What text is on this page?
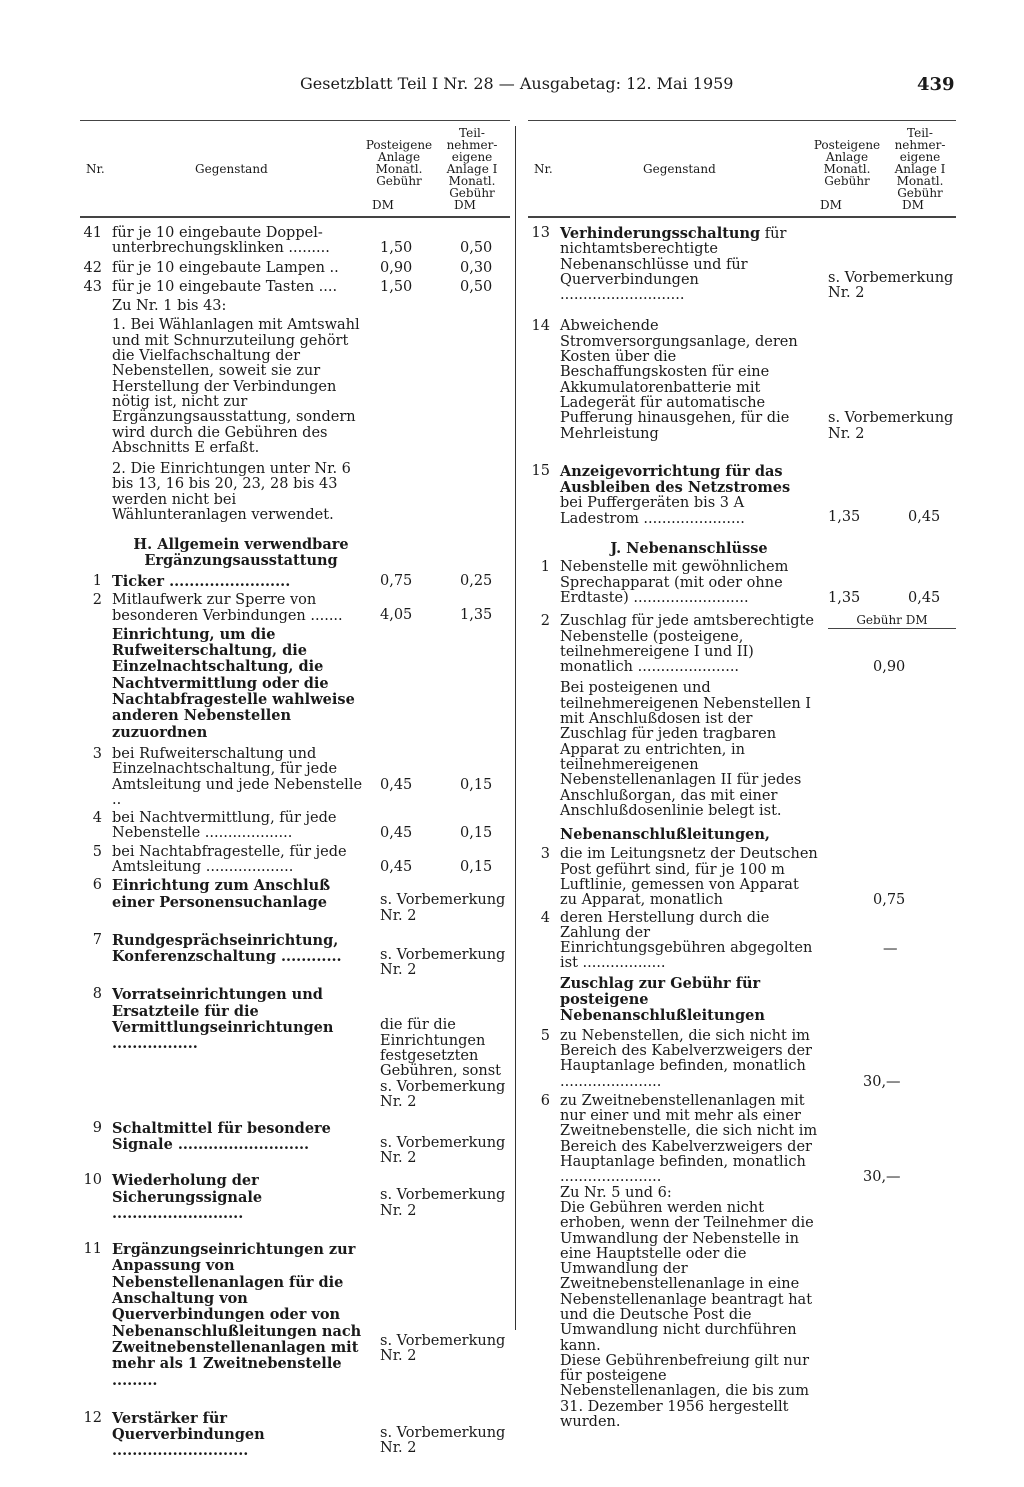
Gesetzblatt Teil I Nr. 28 — Ausgabetag: 12. Mai 1959	439
Nr.	Gegenstand
Posteigene Anlage Monatl. Gebühr
Teil- nehmer- eigene Anlage I Monatl. Gebühr
DM	DM
41 für je 10 eingebaute Doppel-
unterbrechungsklinken .........	1,50	0,50
42 für je 10 eingebaute Lampen ..	0,90	0,30
43 für je 10 eingebaute Tasten ....	1,50	0,50
Zu Nr. 1 bis 43:
1. Bei Wählanlagen mit Amtswahl und mit Schnurzuteilung gehört die Vielfachschaltung der Nebenstellen, soweit sie zur Herstellung der Verbindungen nötig ist, nicht zur Ergänzungsausstattung, sondern wird durch die Gebühren des Abschnitts E erfaßt.
2. Die Einrichtungen unter Nr. 6 bis 13, 16 bis 20, 23, 28 bis 43 werden nicht bei Wählunteranlagen verwendet.
H. Allgemein verwendbare Ergänzungsausstattung
1 Ticker ........................	0,75	0,25
2 Mitlaufwerk zur Sperre von besonderen Verbindungen .......	4,05	1,35
Einrichtung, um die Rufweiterschaltung, die Einzelnachtschaltung, die Nachtvermittlung oder die Nachtabfragestelle wahlweise anderen Nebenstellen zuzuordnen
3 bei Rufweiterschaltung und Einzelnachtschaltung, für jede Amtsleitung und jede Nebenstelle ..
0,45	0,15
4 bei Nachtvermittlung, für jede Nebenstelle ...................	0,45	0,15
5 bei Nachtabfragestelle, für jede Amtsleitung ...................	0,45	0,15
6 Einrichtung zum Anschluß einer Personensuchanlage	s. Vorbemerkung Nr. 2
7 Rundgesprächseinrichtung, Konferenzschaltung ............	s. Vorbemerkung Nr. 2
8 Vorratseinrichtungen und Ersatzteile für die Vermittlungseinrichtungen .................
die für die Einrichtungen festgesetzten Gebühren, sonst s. Vorbemerkung Nr. 2
9 Schaltmittel für besondere Signale ..........................	s. Vorbemerkung Nr. 2
10 Wiederholung der Sicherungssignale ..........................
s. Vorbemerkung Nr. 2
11 Ergänzungseinrichtungen zur Anpassung von Nebenstellenanlagen für die Anschaltung von Querverbindungen oder von Nebenanschlußleitungen nach Zweitnebenstellenanlagen mit mehr als 1 Zweitnebenstelle .........
s. Vorbemerkung Nr. 2
12 Verstärker für Querverbindungen ...........................
s. Vorbemerkung Nr. 2
Nr.	Gegenstand
Posteigene Anlage Monatl. Gebühr
Teil- nehmer- eigene Anlage I Monatl. Gebühr
DM	DM
13 Verhinderungsschaltung für nichtamtsberechtigte Nebenanschlüsse und für Querverbindungen ...........................
s. Vorbemerkung Nr. 2
14 Abweichende Stromversorgungsanlage, deren Kosten über die Beschaffungskosten für eine Akkumulatorenbatterie mit Ladegerät für automatische Pufferung hinausgehen, für die Mehrleistung
s. Vorbemerkung Nr. 2
15 Anzeigevorrichtung für das Ausbleiben des Netzstromes
bei Puffergeräten bis 3 A Ladestrom ......................	1,35	0,45
J. Nebenanschlüsse
1 Nebenstelle mit gewöhnlichem Sprechapparat (mit oder ohne Erdtaste) .........................	1,35	0,45
2 Zuschlag für jede amtsberechtigte Nebenstelle (posteigene, teilnehmereigene I und II) monatlich ......................
Gebühr DM
0,90
Bei posteigenen und teilnehmereigenen Nebenstellen I mit Anschlußdosen ist der Zuschlag für jeden tragbaren Apparat zu entrichten, in teilnehmereigenen Nebenstellenanlagen II für jedes Anschlußorgan, das mit einer Anschlußdosenlinie belegt ist.
Nebenanschlußleitungen,
3 die im Leitungsnetz der Deutschen Post geführt sind, für je 100 m Luftlinie, gemessen von Apparat zu Apparat, monatlich	0,75
4 deren Herstellung durch die Zahlung der Einrichtungsgebühren abgegolten ist ..................
—
Zuschlag zur Gebühr für posteigene Nebenanschlußleitungen
5 zu Nebenstellen, die sich nicht im Bereich des Kabelverzweigers der Hauptanlage befinden, monatlich ......................	30,—
6 zu Zweitnebenstellenanlagen mit nur einer und mit mehr als einer Zweitnebenstelle, die sich nicht im Bereich des Kabelverzweigers der Hauptanlage befinden, monatlich ......................	30,—
Zu Nr. 5 und 6:
Die Gebühren werden nicht erhoben, wenn der Teilnehmer die Umwandlung der Nebenstelle in eine Hauptstelle oder die Umwandlung der Zweitnebenstellenanlage in eine Nebenstellenanlage beantragt hat und die Deutsche Post die Umwandlung nicht durchführen kann.
Diese Gebührenbefreiung gilt nur für posteigene Nebenstellenanlagen, die bis zum 31. Dezember 1956 hergestellt wurden.
